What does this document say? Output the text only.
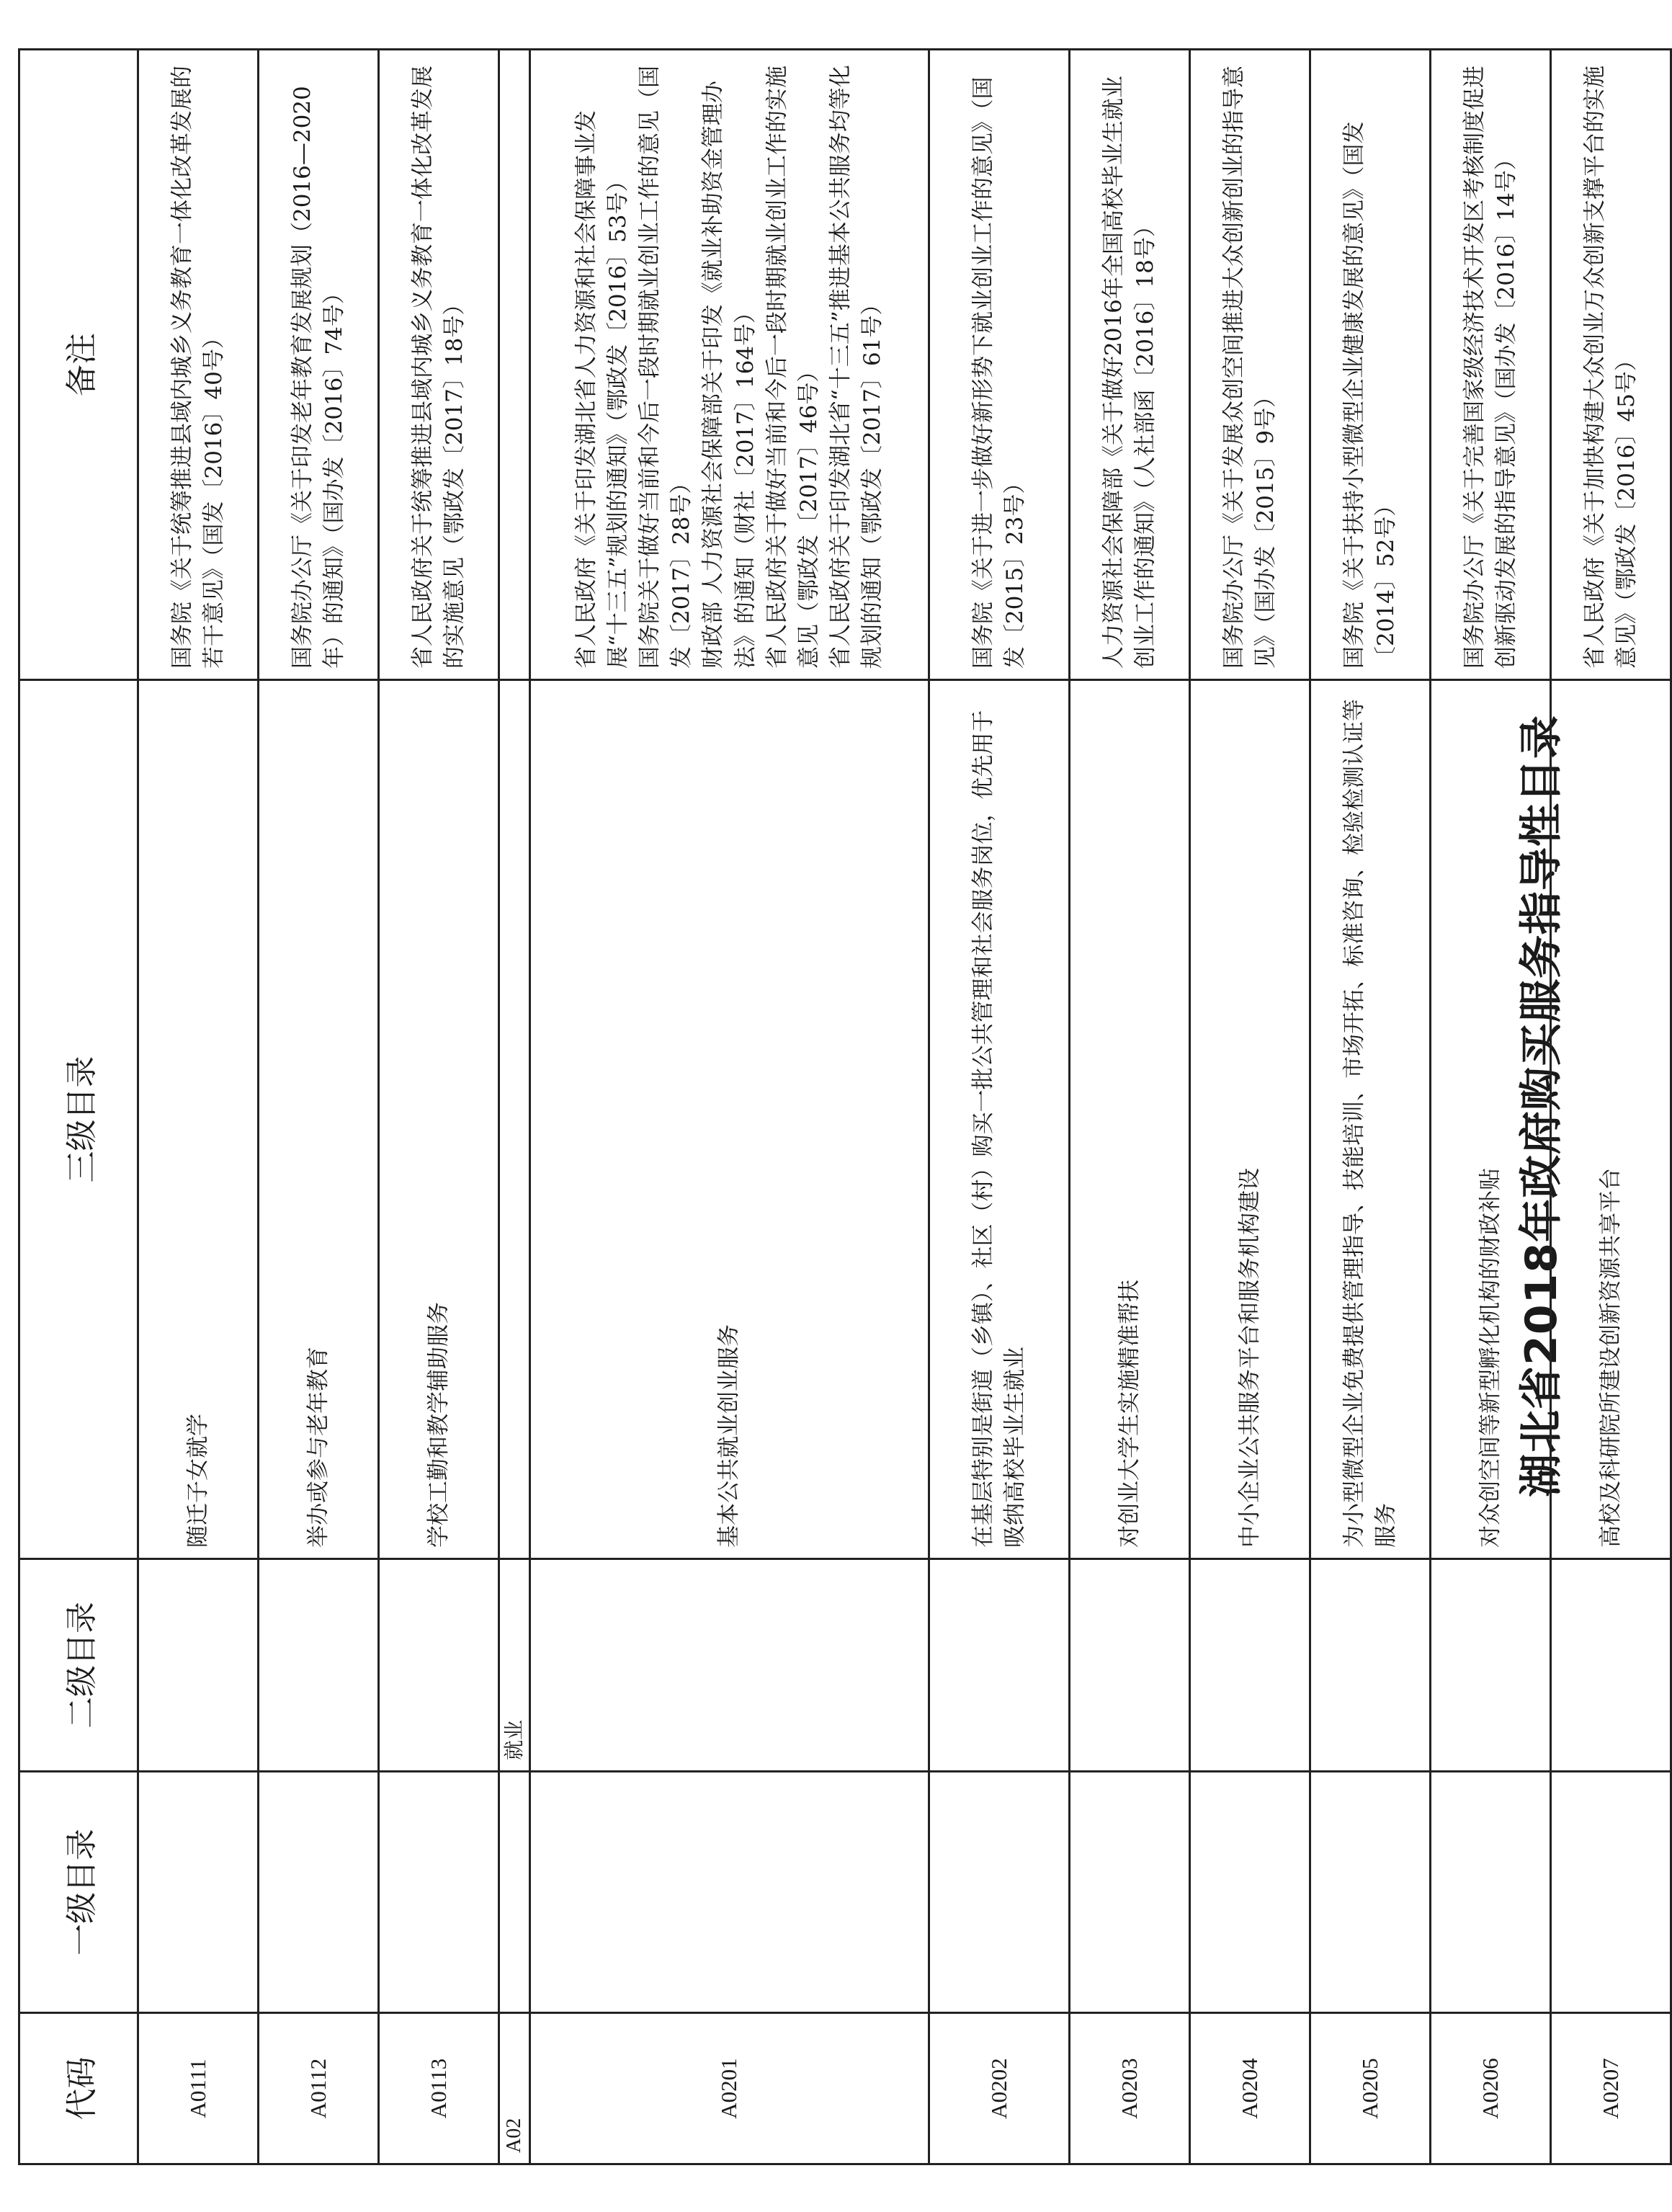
湖北省2018年政府购买服务指导性目录
代码	一级目录	二级目录	三级目录	备注
A0111			随迁子女就学	国务院《关于统筹推进县域内城乡义务教育一体化改革发展的若干意见》（国发〔2016〕40号）

A0112			举办或参与老年教育	国务院办公厅《关于印发老年教育发展规划（2016—2020年）的通知》（国办发〔2016〕74号）

A0113			学校工勤和教学辅助服务	省人民政府关于统筹推进县域内城乡义务教育一体化改革发展的实施意见（鄂政发〔2017〕18号）

A02		就业		
A0201			基本公共就业创业服务	省人民政府《关于印发湖北省人力资源和社会保障事业发展“十三五”规划的通知》（鄂政发〔2016〕53号） 国务院关于做好当前和今后一段时期就业创业工作的意见（国发〔2017〕28号） 财政部 人力资源社会保障部关于印发《就业补助资金管理办法》的通知（财社〔2017〕164号） 省人民政府关于做好当前和今后一段时期就业创业工作的实施意见（鄂政发〔2017〕46号） 省人民政府关于印发湖北省“十三五”推进基本公共服务均等化规划的通知（鄂政发〔2017〕61号）

A0202			在基层特别是街道（乡镇）、社区（村）购买一批公共管理和社会服务岗位，优先用于吸纳高校毕业生就业	国务院《关于进一步做好新形势下就业创业工作的意见》（国发〔2015〕23号）

A0203			对创业大学生实施精准帮扶	人力资源社会保障部《关于做好2016年全国高校毕业生就业创业工作的通知》（人社部函〔2016〕18号）

A0204			中小企业公共服务平台和服务机构建设	国务院办公厅《关于发展众创空间推进大众创新创业的指导意见》（国办发〔2015〕9号）

A0205			为小型微型企业免费提供管理指导、技能培训、市场开拓、标准咨询、检验检测认证等服务	国务院《关于扶持小型微型企业健康发展的意见》（国发〔2014〕52号）

A0206			对众创空间等新型孵化机构的财政补贴	国务院办公厅《关于完善国家级经济技术开发区考核制度促进创新驱动发展的指导意见》（国办发〔2016〕14号）

A0207			高校及科研院所建设创新资源共享平台	省人民政府《关于加快构建大众创业万众创新支撑平台的实施意见》（鄂政发〔2016〕45号）
